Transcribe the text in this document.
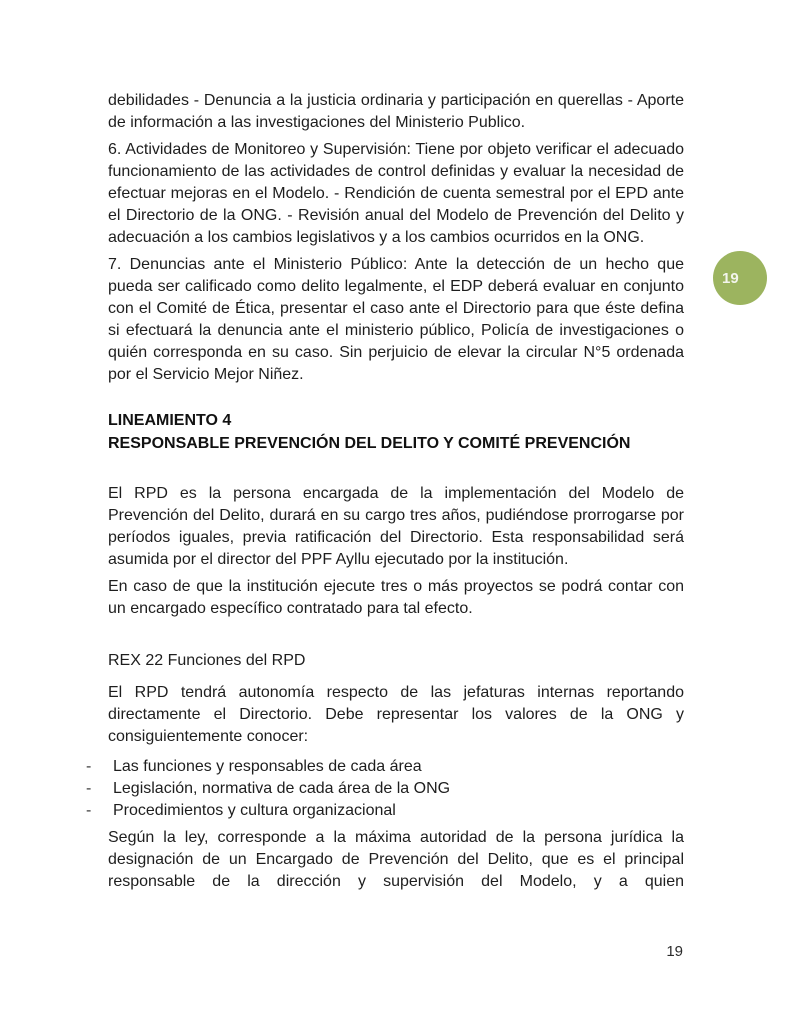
19

debilidades - Denuncia a la justicia ordinaria y participación en querellas - Aporte de información a las investigaciones del Ministerio Publico.

6. Actividades de Monitoreo y Supervisión: Tiene por objeto verificar el adecuado funcionamiento de las actividades de control definidas y evaluar la necesidad de efectuar mejoras en el Modelo. - Rendición de cuenta semestral por el EPD ante el Directorio de la ONG. - Revisión anual del Modelo de Prevención del Delito y adecuación a los cambios legislativos y a los cambios ocurridos en la ONG.

7. Denuncias ante el Ministerio Público: Ante la detección de un hecho que pueda ser calificado como delito legalmente, el EDP deberá evaluar en conjunto con el Comité de Ética, presentar el caso ante el Directorio para que éste defina si efectuará la denuncia ante el ministerio público, Policía de investigaciones o quién corresponda en su caso. Sin perjuicio de elevar la circular N°5 ordenada por el Servicio Mejor Niñez.

LINEAMIENTO 4
RESPONSABLE PREVENCIÓN DEL DELITO Y COMITÉ PREVENCIÓN

El RPD es la persona encargada de la implementación del Modelo de Prevención del Delito, durará en su cargo tres años, pudiéndose prorrogarse por períodos iguales, previa ratificación del Directorio. Esta responsabilidad será asumida por el director del PPF Ayllu ejecutado por la institución.

En caso de que la institución ejecute tres o más proyectos se podrá contar con un encargado específico contratado para tal efecto.

REX 22 Funciones del RPD

El RPD tendrá autonomía respecto de las jefaturas internas reportando directamente el Directorio. Debe representar los valores de la ONG y consiguientemente conocer:

-	Las funciones y responsables de cada área
-	Legislación, normativa de cada área de la ONG
-	Procedimientos y cultura organizacional

Según la ley, corresponde a la máxima autoridad de la persona jurídica la designación de un Encargado de Prevención del Delito, que es el principal responsable de la dirección y supervisión del Modelo, y a quien

19
